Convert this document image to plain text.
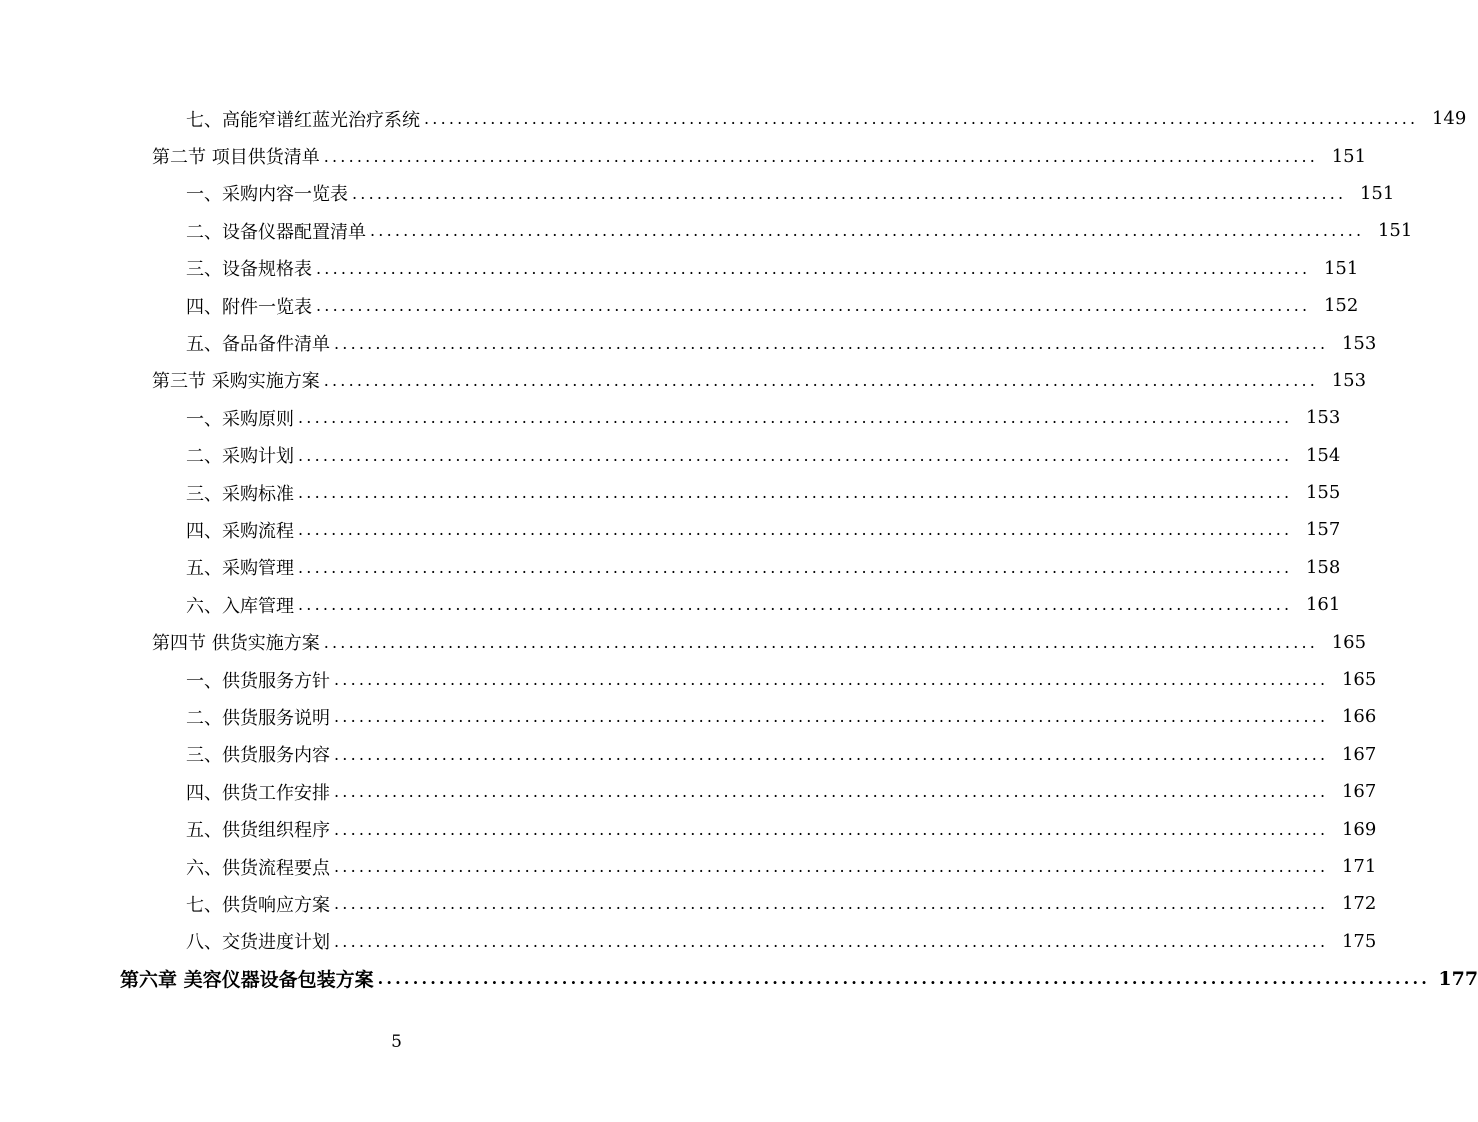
七、高能窄谱红蓝光治疗系统 ........................................................................................................................ 149
第二节 项目供货清单 ........................................................................................................................ 151
一、采购内容一览表 ........................................................................................................................ 151
二、设备仪器配置清单 ........................................................................................................................ 151
三、设备规格表 ........................................................................................................................ 151
四、附件一览表 ........................................................................................................................ 152
五、备品备件清单 ........................................................................................................................ 153
第三节 采购实施方案 ........................................................................................................................ 153
一、采购原则 ........................................................................................................................ 153
二、采购计划 ........................................................................................................................ 154
三、采购标准 ........................................................................................................................ 155
四、采购流程 ........................................................................................................................ 157
五、采购管理 ........................................................................................................................ 158
六、入库管理 ........................................................................................................................ 161
第四节 供货实施方案 ........................................................................................................................ 165
一、供货服务方针 ........................................................................................................................ 165
二、供货服务说明 ........................................................................................................................ 166
三、供货服务内容 ........................................................................................................................ 167
四、供货工作安排 ........................................................................................................................ 167
五、供货组织程序 ........................................................................................................................ 169
六、供货流程要点 ........................................................................................................................ 171
七、供货响应方案 ........................................................................................................................ 172
八、交货进度计划 ........................................................................................................................ 175
第六章 美容仪器设备包装方案 ........................................................................................................................ 177
5
